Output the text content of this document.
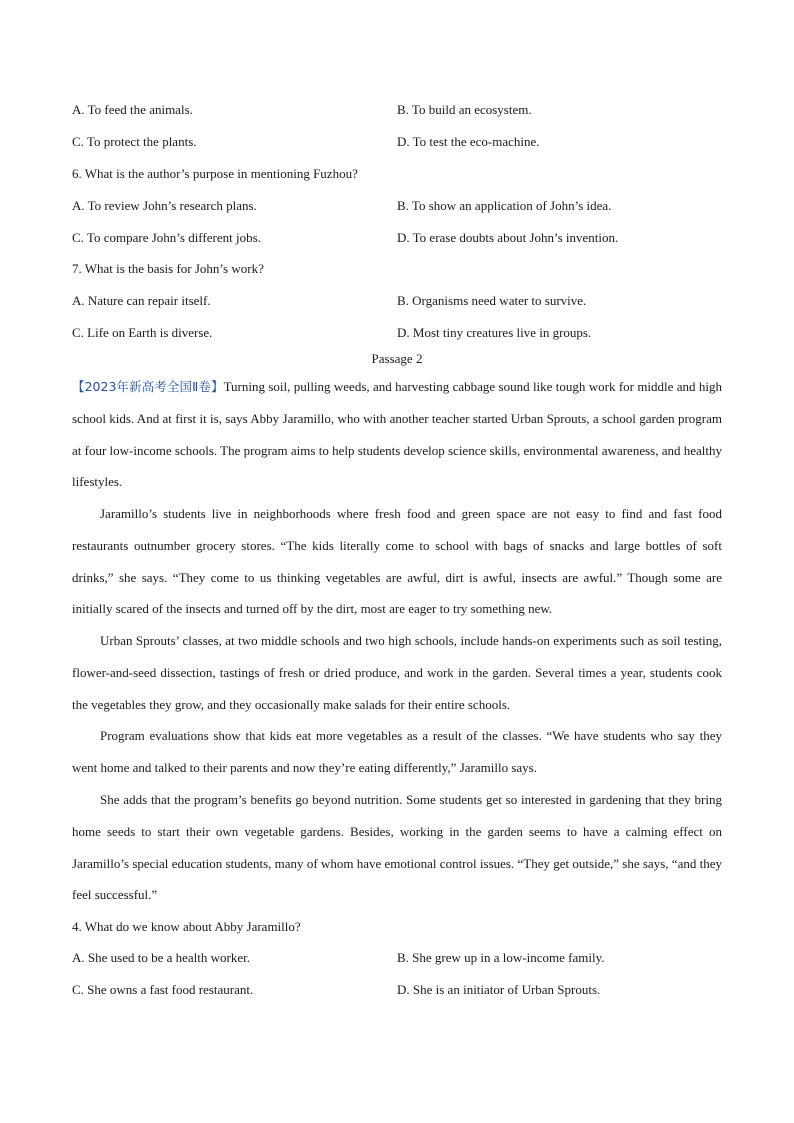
A. To feed the animals.	B. To build an ecosystem.
C. To protect the plants.	D. To test the eco-machine.
6. What is the author’s purpose in mentioning Fuzhou?
A. To review John’s research plans.	B. To show an application of John’s idea.
C. To compare John’s different jobs.	D. To erase doubts about John’s invention.
7. What is the basis for John’s work?
A. Nature can repair itself.	B. Organisms need water to survive.
C. Life on Earth is diverse.	D. Most tiny creatures live in groups.
Passage 2
【2023年新高考全国Ⅱ卷】Turning soil, pulling weeds, and harvesting cabbage sound like tough work for middle and high school kids. And at first it is, says Abby Jaramillo, who with another teacher started Urban Sprouts, a school garden program at four low-income schools. The program aims to help students develop science skills, environmental awareness, and healthy lifestyles.
Jaramillo’s students live in neighborhoods where fresh food and green space are not easy to find and fast food restaurants outnumber grocery stores. “The kids literally come to school with bags of snacks and large bottles of soft drinks,” she says. “They come to us thinking vegetables are awful, dirt is awful, insects are awful.” Though some are initially scared of the insects and turned off by the dirt, most are eager to try something new.
Urban Sprouts’ classes, at two middle schools and two high schools, include hands-on experiments such as soil testing, flower-and-seed dissection, tastings of fresh or dried produce, and work in the garden. Several times a year, students cook the vegetables they grow, and they occasionally make salads for their entire schools.
Program evaluations show that kids eat more vegetables as a result of the classes. “We have students who say they went home and talked to their parents and now they’re eating differently,” Jaramillo says.
She adds that the program’s benefits go beyond nutrition. Some students get so interested in gardening that they bring home seeds to start their own vegetable gardens. Besides, working in the garden seems to have a calming effect on Jaramillo’s special education students, many of whom have emotional control issues. “They get outside,” she says, “and they feel successful.”
4. What do we know about Abby Jaramillo?
A. She used to be a health worker.	B. She grew up in a low-income family.
C. She owns a fast food restaurant.	D. She is an initiator of Urban Sprouts.
